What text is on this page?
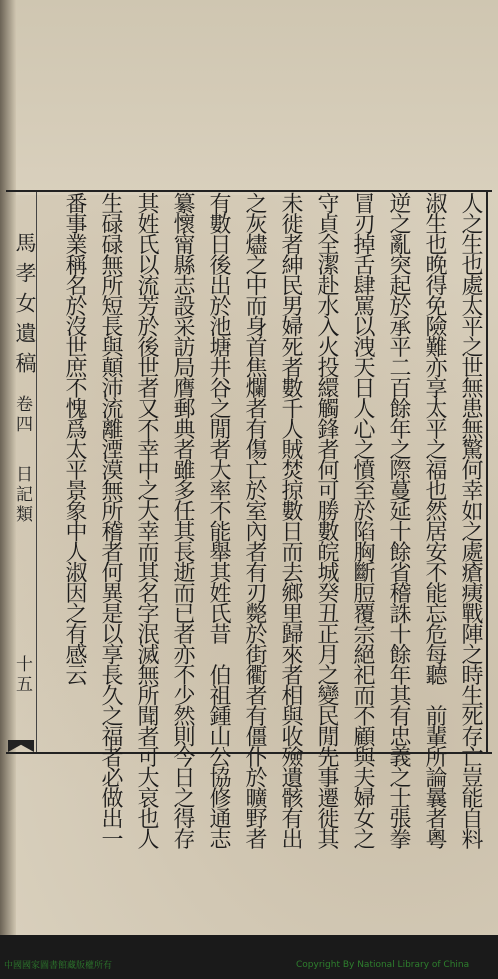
馬孝女遺稿
卷四
日記類
十五	人之生也處太平之世無患無驚何幸如之處瘡痍戰陣之時生死存亡豈能自料
淑生也晚得免險難亦享太平之福也然居安不能忘危每聽　前輩所論曩者粵
逆之亂突起於承平二百餘年之際蔓延十餘省稽誅十餘年其有忠義之士張拳
冒刃掉舌肆罵以洩天日人心之憤至於陷胸斷脰覆宗絕祀而不顧與夫婦女之
守貞全潔赴水入火投繯觸鋒者何可勝數皖城癸丑正月之變民閒先事遷徙其
未徙者紳民男婦死者數千人賊焚掠數日而去鄉里歸來者相與收殮遺骸有出
之灰燼之中而身首焦爛者有傷亡於室內者有刃斃於街衢者有僵仆於曠野者
有數日後出於池塘井谷之閒者大率不能舉其姓氏昔　伯祖鍾山公協修通志
纂懷甯縣志設采訪局膺郵典者雖多任其長逝而已者亦不少然則今日之得存
其姓氏以流芳於後世者又不幸中之大幸而其名字泯滅無所聞者可大哀也人
生碌碌無所短長與顛沛流離湮漠無所稽者何異是以享長久之福者必做出一
番事業稱名於沒世庶不愧爲太平景象中人淑因之有感云
中國國家圖書館藏版權所有	Copyright By National Library of China
